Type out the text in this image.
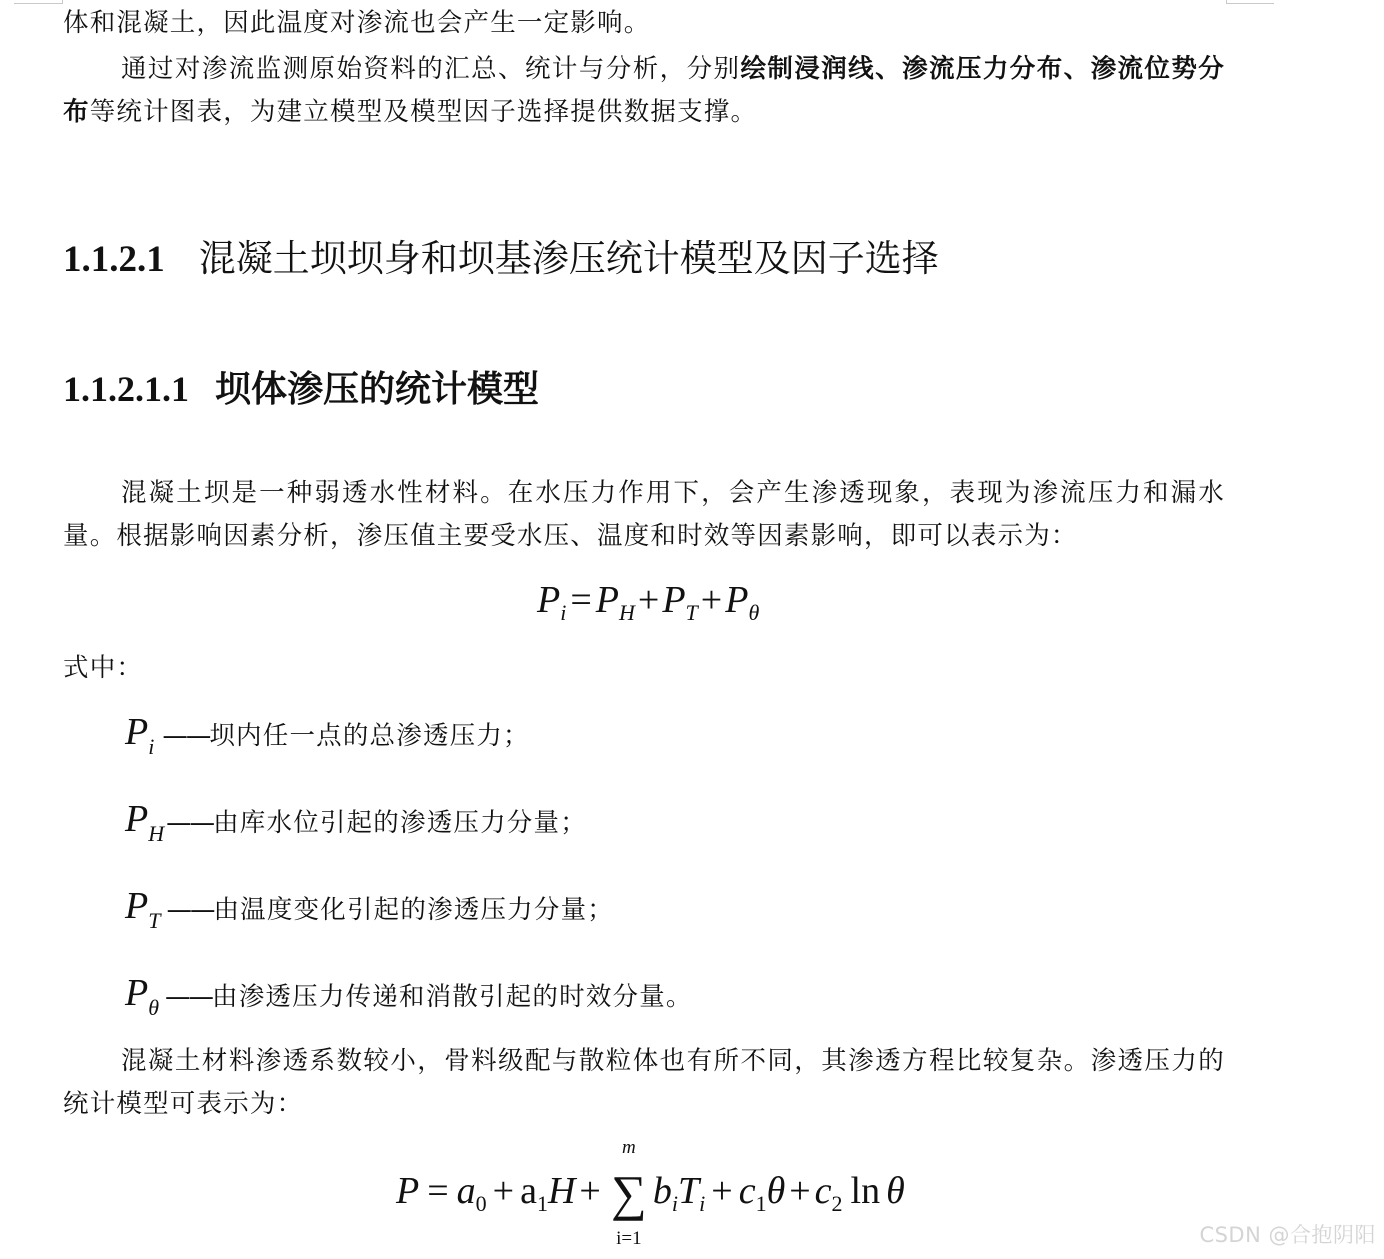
体和混凝土，因此温度对渗流也会产生一定影响。

通过对渗流监测原始资料的汇总、统计与分析，分别绘制浸润线、渗流压力分布、渗流位势分布等统计图表，为建立模型及模型因子选择提供数据支撑。

1.1.2.1 混凝土坝坝身和坝基渗压统计模型及因子选择
1.1.2.1.1 坝体渗压的统计模型

混凝土坝是一种弱透水性材料。在水压力作用下，会产生渗透现象，表现为渗流压力和漏水量。根据影响因素分析，渗压值主要受水压、温度和时效等因素影响，即可以表示为：

$P_i = P_H+P_T+P_\theta$

式中：

$P_i$ ——坝内任一点的总渗透压力；
$P_H——$由库水位引起的渗透压力分量；
$P_T$ ——由温度变化引起的渗透压力分量；
$P_\theta$ ——由渗透压力传递和消散引起的时效分量。

混凝土材料渗透系数较小，骨料级配与散粒体也有所不同，其渗透方程比较复杂。渗透压力的统计模型可表示为：

$P = a_0 + a_1H$ +
m
∑
i=1
$b_iT_i + c_1\theta + c_2$ ln θ
CSDN @合抱阴阳
